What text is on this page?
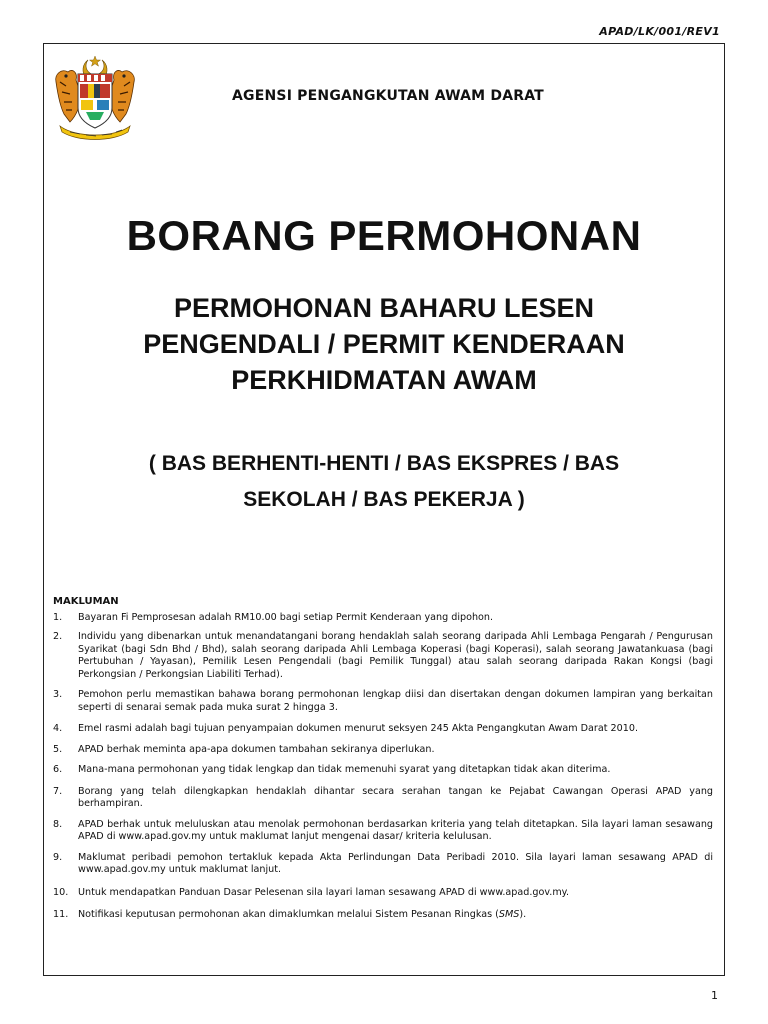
APAD/LK/001/REV1
AGENSI PENGANGKUTAN AWAM DARAT
BORANG PERMOHONAN
PERMOHONAN BAHARU LESEN
PENGENDALI / PERMIT KENDERAAN
PERKHIDMATAN AWAM
( BAS BERHENTI-HENTI / BAS EKSPRES / BAS
SEKOLAH / BAS PEKERJA )
MAKLUMAN
1. Bayaran Fi Pemprosesan adalah RM10.00 bagi setiap Permit Kenderaan yang dipohon.
2. Individu yang dibenarkan untuk menandatangani borang hendaklah salah seorang daripada Ahli Lembaga Pengarah / Pengurusan Syarikat (bagi Sdn Bhd / Bhd), salah seorang daripada Ahli Lembaga Koperasi (bagi Koperasi), salah seorang Jawatankuasa (bagi Pertubuhan / Yayasan), Pemilik Lesen Pengendali (bagi Pemilik Tunggal) atau salah seorang daripada Rakan Kongsi (bagi Perkongsian / Perkongsian Liabiliti Terhad).
3. Pemohon perlu memastikan bahawa borang permohonan lengkap diisi dan disertakan dengan dokumen lampiran yang berkaitan seperti di senarai semak pada muka surat 2 hingga 3.
4. Emel rasmi adalah bagi tujuan penyampaian dokumen menurut seksyen 245 Akta Pengangkutan Awam Darat 2010.
5. APAD berhak meminta apa-apa dokumen tambahan sekiranya diperlukan.
6. Mana-mana permohonan yang tidak lengkap dan tidak memenuhi syarat yang ditetapkan tidak akan diterima.
7. Borang yang telah dilengkapkan hendaklah dihantar secara serahan tangan ke Pejabat Cawangan Operasi APAD yang berhampiran.
8. APAD berhak untuk meluluskan atau menolak permohonan berdasarkan kriteria yang telah ditetapkan. Sila layari laman sesawang APAD di www.apad.gov.my untuk maklumat lanjut mengenai dasar/ kriteria kelulusan.
9. Maklumat peribadi pemohon tertakluk kepada Akta Perlindungan Data Peribadi 2010. Sila layari laman sesawang APAD di www.apad.gov.my untuk maklumat lanjut.
10. Untuk mendapatkan Panduan Dasar Pelesenan sila layari laman sesawang APAD di www.apad.gov.my.
11. Notifikasi keputusan permohonan akan dimaklumkan melalui Sistem Pesanan Ringkas (SMS).
1
